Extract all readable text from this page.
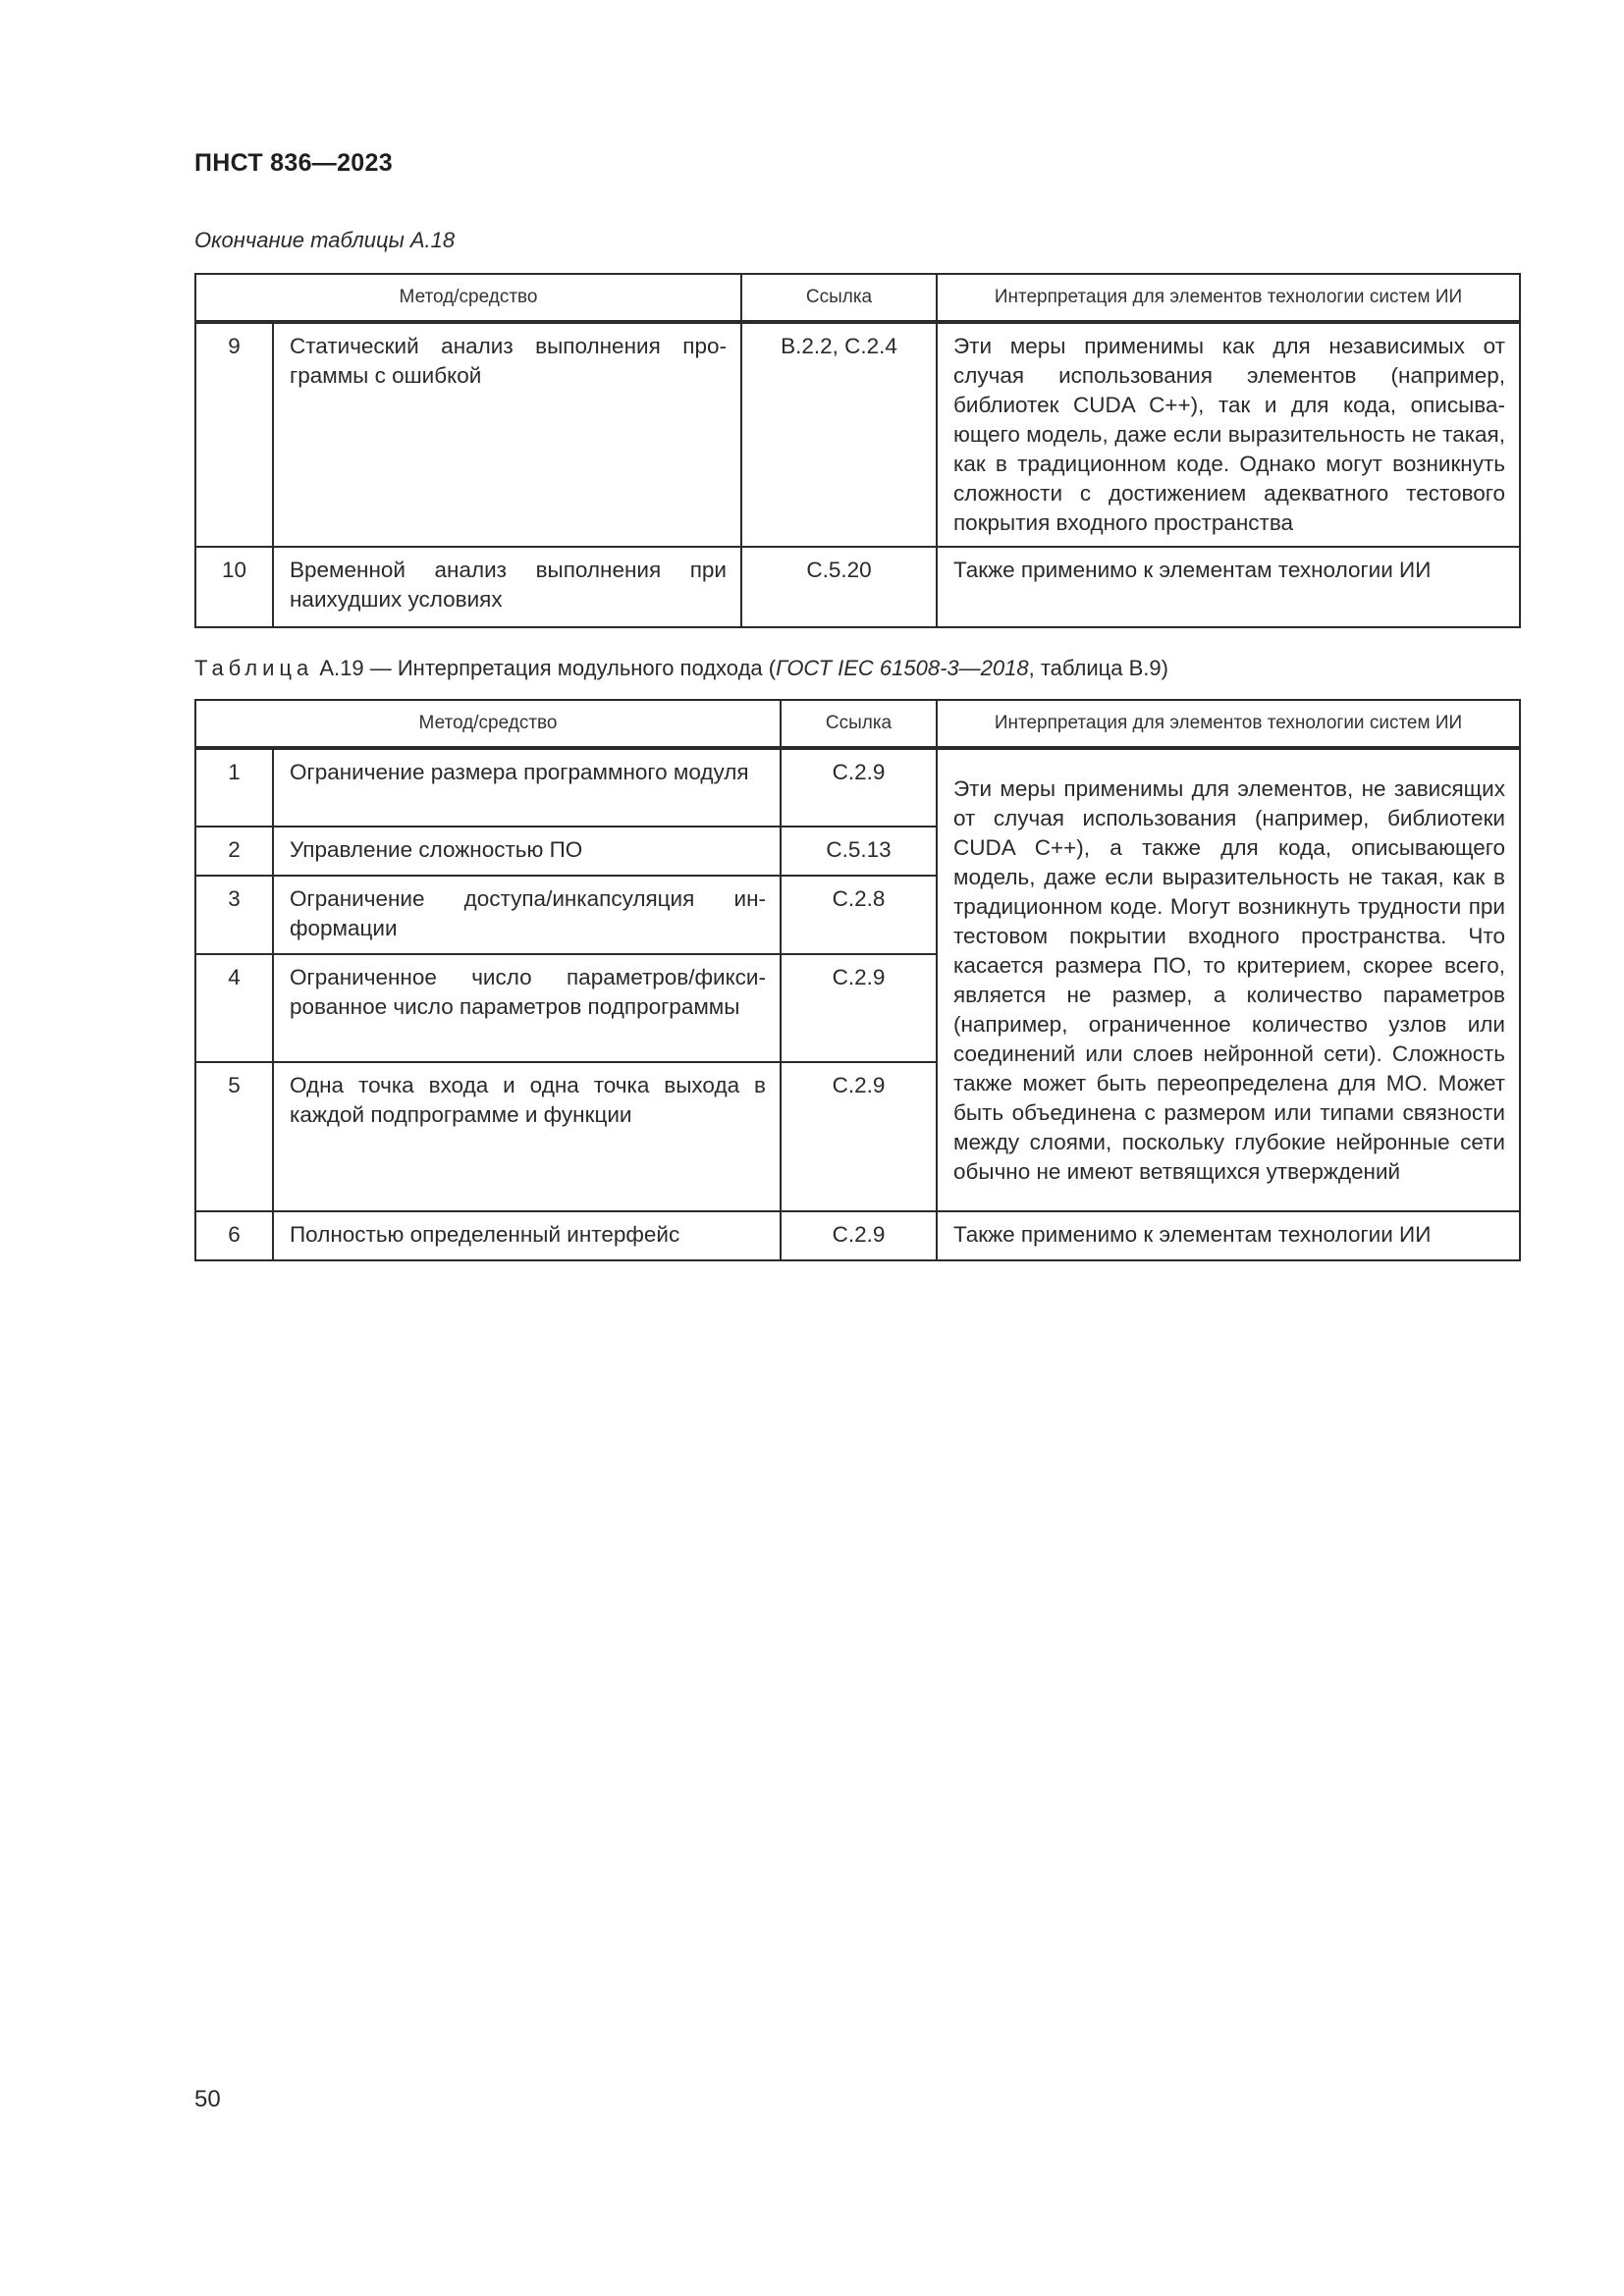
ПНСТ 836—2023
Окончание таблицы А.18
Метод/средство		Ссылка	Интерпретация для элементов технологии систем ИИ
9	Статический анализ выполнения программы с ошибкой	B.2.2, C.2.4	Эти меры применимы как для независимых от случая использования элементов (например, библиотек CUDA С++), так и для кода, описывающего модель, даже если выразительность не такая, как в традиционном коде. Однако могут возникнуть сложности с достижением адекватного тестового покрытия входного пространства
10	Временной анализ выполнения при наихудших условиях	C.5.20	Также применимо к элементам технологии ИИ
Таблица А.19 — Интерпретация модульного подхода (ГОСТ IEC 61508-3—2018, таблица В.9)
Метод/средство		Ссылка	Интерпретация для элементов технологии систем ИИ
1	Ограничение размера программного модуля	C.2.9	Эти меры применимы для элементов, не зависящих от случая использования (например, библиотеки CUDA С++), а также для кода, описывающего модель, даже если выразительность не такая, как в традиционном коде. Могут возникнуть трудности при тестовом покрытии входного пространства. Что касается размера ПО, то критерием, скорее всего, является не размер, а количество параметров (например, ограниченное количество узлов или соединений или слоев нейронной сети). Сложность также может быть переопределена для МО. Может быть объединена с размером или типами связности между слоями, поскольку глубокие нейронные сети обычно не имеют ветвящихся утверждений
2	Управление сложностью ПО	C.5.13	
3	Ограничение доступа/инкапсуляция информации	C.2.8	
4	Ограниченное число параметров/фиксированное число параметров подпрограммы	C.2.9	
5	Одна точка входа и одна точка выхода в каждой подпрограмме и функции	C.2.9	
6	Полностью определенный интерфейс	C.2.9	Также применимо к элементам технологии ИИ
50
